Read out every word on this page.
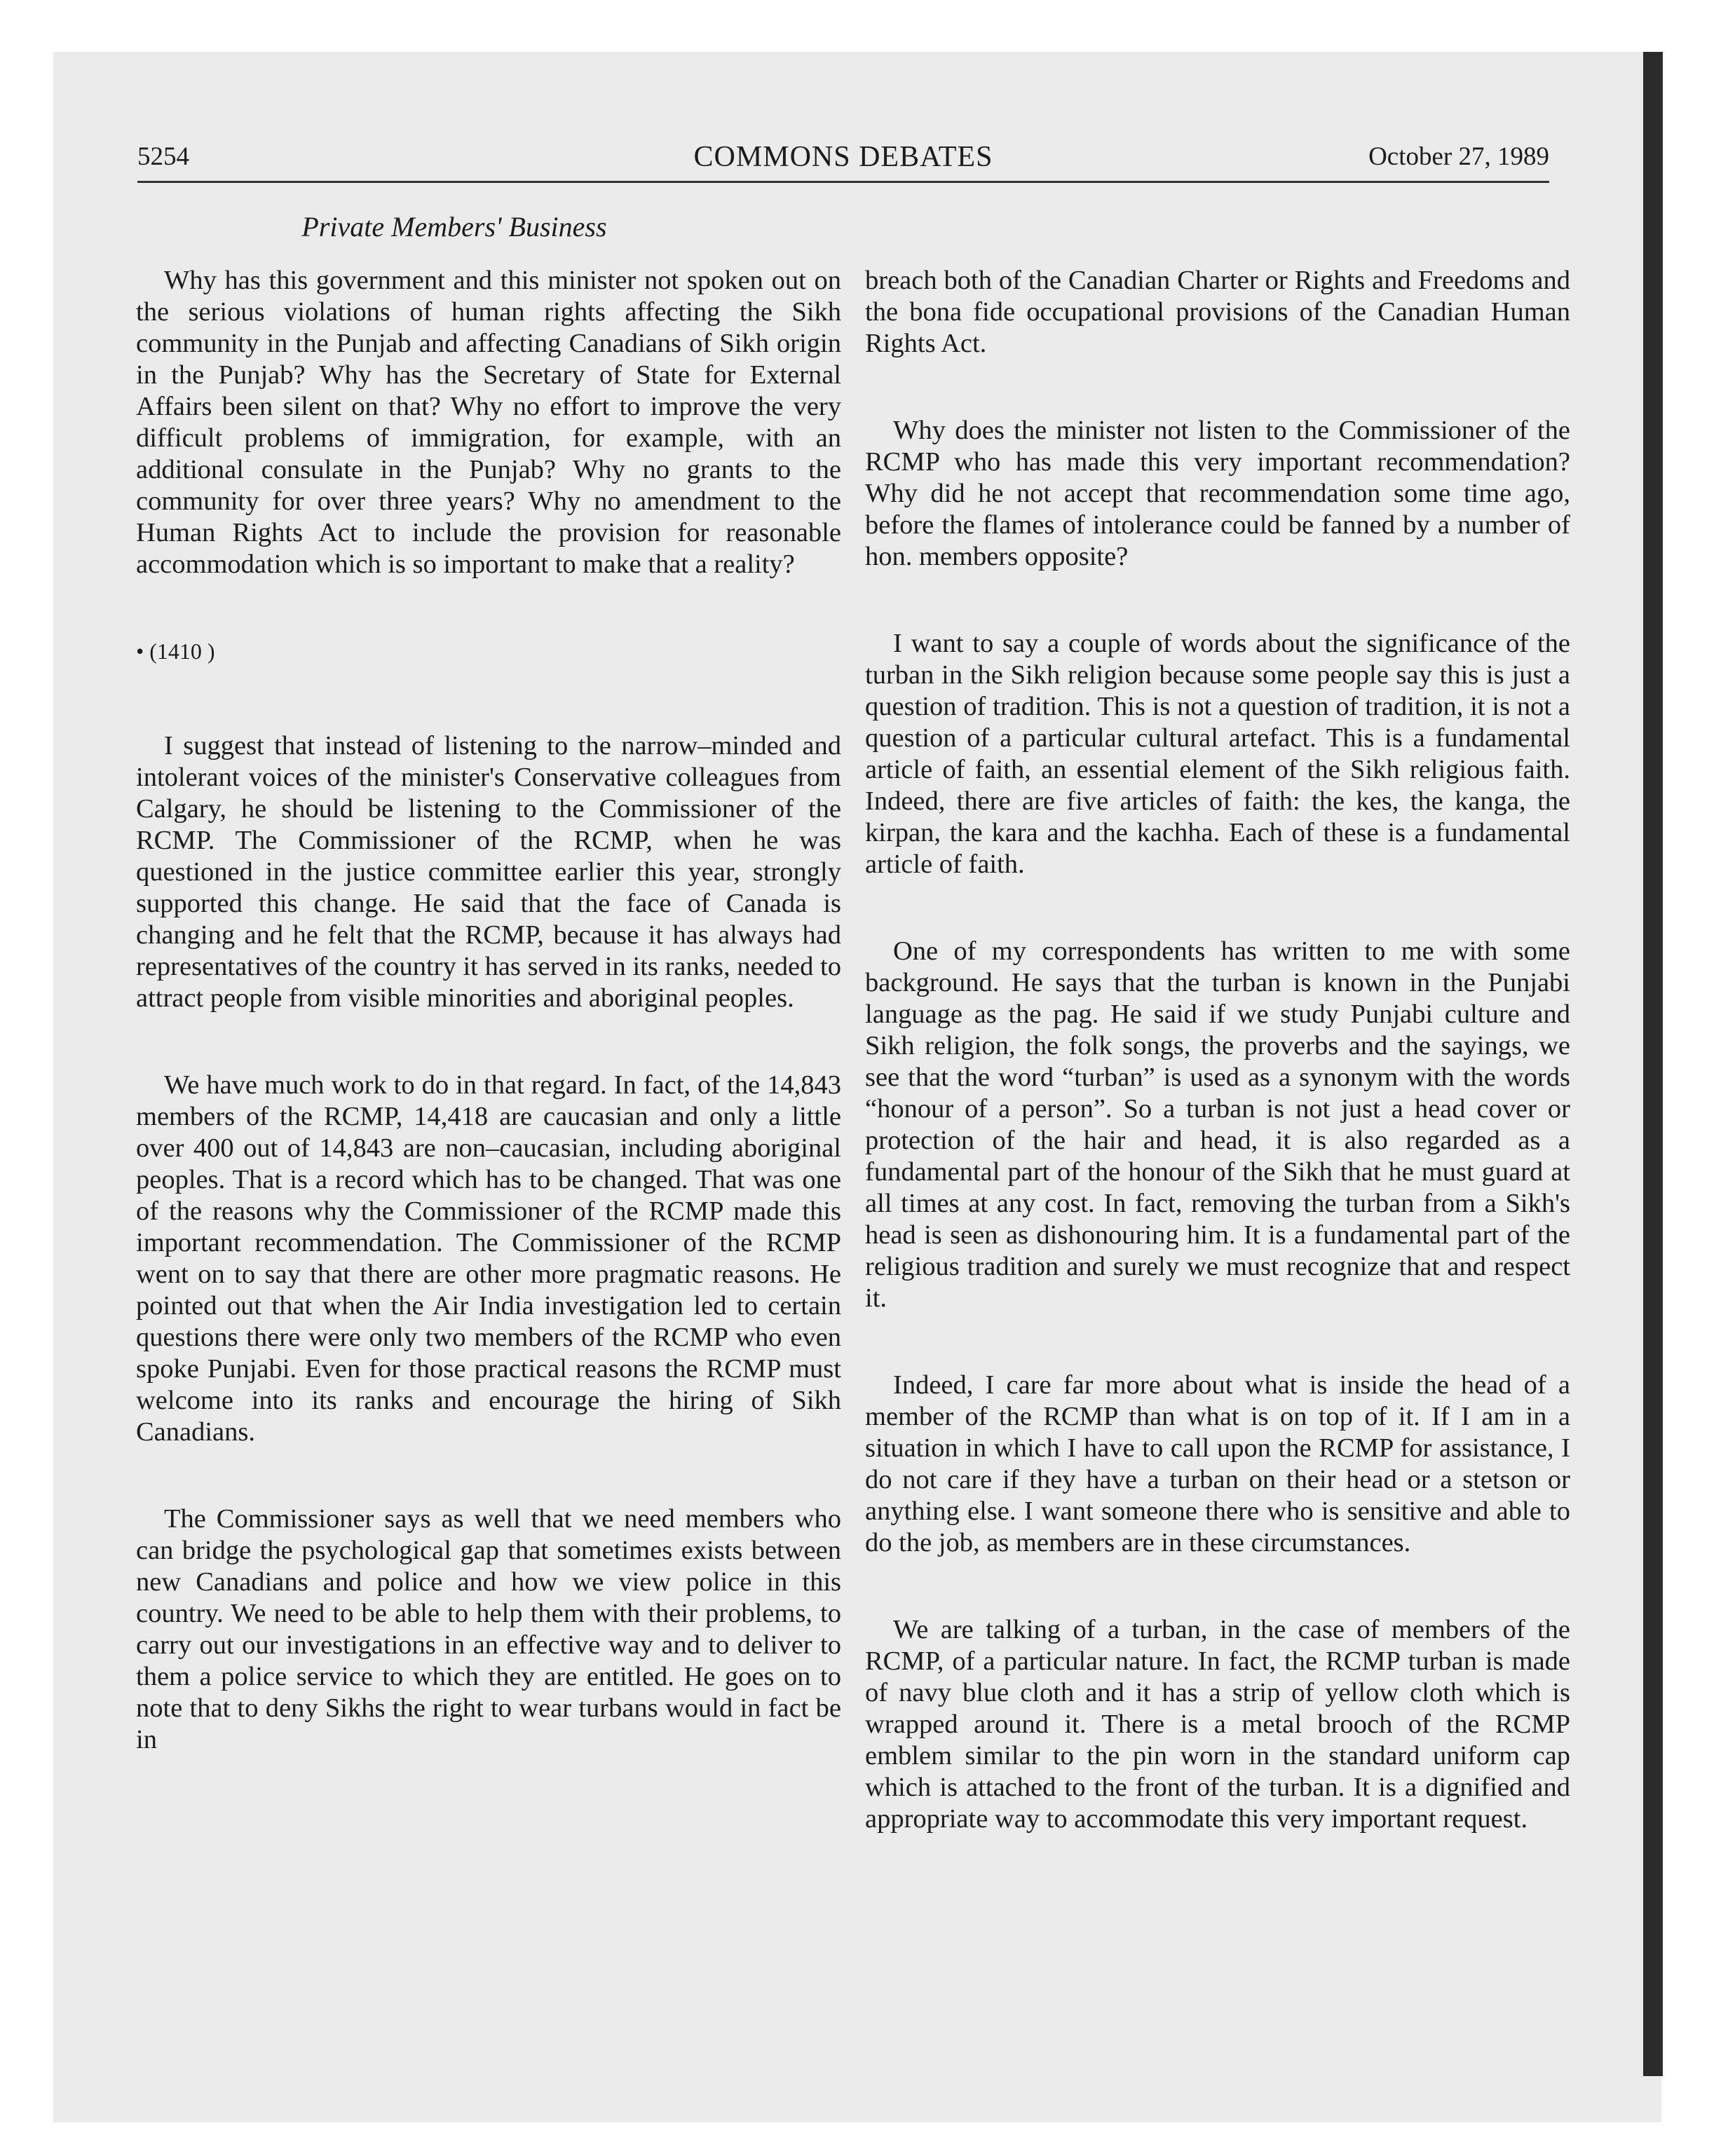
5254	COMMONS DEBATES	October 27, 1989
Private Members' Business

Why has this government and this minister not spoken out on the serious violations of human rights affecting the Sikh community in the Punjab and affecting Canadians of Sikh origin in the Punjab? Why has the Secretary of State for External Affairs been silent on that? Why no effort to improve the very difficult problems of immigration, for example, with an additional consulate in the Punjab? Why no grants to the community for over three years? Why no amendment to the Human Rights Act to include the provision for reasonable accommodation which is so important to make that a reality?

• (1410 )

I suggest that instead of listening to the narrow–minded and intolerant voices of the minister's Conservative colleagues from Calgary, he should be listening to the Commissioner of the RCMP. The Commissioner of the RCMP, when he was questioned in the justice committee earlier this year, strongly supported this change. He said that the face of Canada is changing and he felt that the RCMP, because it has always had representatives of the country it has served in its ranks, needed to attract people from visible minorities and aboriginal peoples.

We have much work to do in that regard. In fact, of the 14,843 members of the RCMP, 14,418 are caucasian and only a little over 400 out of 14,843 are non–caucasian, including aboriginal peoples. That is a record which has to be changed. That was one of the reasons why the Commissioner of the RCMP made this important recommendation. The Commissioner of the RCMP went on to say that there are other more pragmatic reasons. He pointed out that when the Air India investigation led to certain questions there were only two members of the RCMP who even spoke Punjabi. Even for those practical reasons the RCMP must welcome into its ranks and encourage the hiring of Sikh Canadians.

The Commissioner says as well that we need members who can bridge the psychological gap that sometimes exists between new Canadians and police and how we view police in this country. We need to be able to help them with their problems, to carry out our investigations in an effective way and to deliver to them a police service to which they are entitled. He goes on to note that to deny Sikhs the right to wear turbans would in fact be in

breach both of the Canadian Charter or Rights and Freedoms and the bona fide occupational provisions of the Canadian Human Rights Act.

Why does the minister not listen to the Commissioner of the RCMP who has made this very important recommendation? Why did he not accept that recommendation some time ago, before the flames of intolerance could be fanned by a number of hon. members opposite?

I want to say a couple of words about the significance of the turban in the Sikh religion because some people say this is just a question of tradition. This is not a question of tradition, it is not a question of a particular cultural artefact. This is a fundamental article of faith, an essential element of the Sikh religious faith. Indeed, there are five articles of faith: the kes, the kanga, the kirpan, the kara and the kachha. Each of these is a fundamental article of faith.

One of my correspondents has written to me with some background. He says that the turban is known in the Punjabi language as the pag. He said if we study Punjabi culture and Sikh religion, the folk songs, the proverbs and the sayings, we see that the word “turban” is used as a synonym with the words “honour of a person”. So a turban is not just a head cover or protection of the hair and head, it is also regarded as a fundamental part of the honour of the Sikh that he must guard at all times at any cost. In fact, removing the turban from a Sikh's head is seen as dishonouring him. It is a fundamental part of the religious tradition and surely we must recognize that and respect it.

Indeed, I care far more about what is inside the head of a member of the RCMP than what is on top of it. If I am in a situation in which I have to call upon the RCMP for assistance, I do not care if they have a turban on their head or a stetson or anything else. I want someone there who is sensitive and able to do the job, as members are in these circumstances.

We are talking of a turban, in the case of members of the RCMP, of a particular nature. In fact, the RCMP turban is made of navy blue cloth and it has a strip of yellow cloth which is wrapped around it. There is a metal brooch of the RCMP emblem similar to the pin worn in the standard uniform cap which is attached to the front of the turban. It is a dignified and appropriate way to accommodate this very important request.
